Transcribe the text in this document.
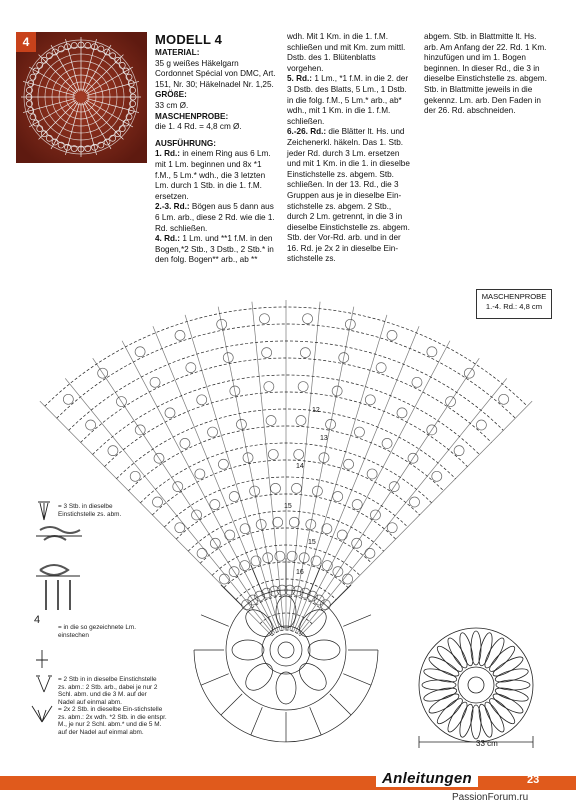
4	MODELL 4
MATERIAL:
35 g weißes Häkelgarn Cordonnet Spécial von DMC, Art. 151, Nr. 30; Häkelnadel Nr. 1,25.
GRÖßE:
33 cm Ø.
MASCHENPROBE:
die 1. 4 Rd. = 4,8 cm Ø.
AUSFÜHRUNG:
1. Rd.: in einem Ring aus 6 Lm. mit 1 Lm. beginnen und 8x *1 f.M., 5 Lm.* wdh., die 3 letzten Lm. durch 1 Stb. in die 1. f.M. ersetzen.
2.-3. Rd.: Bögen aus 5 dann aus 6 Lm. arb., diese 2 Rd. wie die 1. Rd. schließen.
4. Rd.: 1 Lm. und **1 f.M. in den Bogen,*2 Stb., 3 Dstb., 2 Stb.* in den folg. Bogen** arb., ab **
wdh. Mit 1 Km. in die 1. f.M. schließen und mit Km. zum mittl. Dstb. des 1. Blütenblatts vorgehen.
5. Rd.: 1 Lm., *1 f.M. in die 2. der 3 Dstb. des Blatts, 5 Lm., 1 Dstb. in die folg. f.M., 5 Lm.* arb., ab* wdh., mit 1 Km. in die 1. f.M. schließen.
6.-26. Rd.: die Blätter lt. Hs. und Zeichenerkl. häkeln. Das 1. Stb. jeder Rd. durch 3 Lm. ersetzen und mit 1 Km. in die 1. in dieselbe Einstichstelle zs. abgem. Stb. schließen. In der 13. Rd., die 3 Gruppen aus je in dieselbe Ein-stichstelle zs. abgem. 2 Stb., durch 2 Lm. getrennt, in die 3 in dieselbe Einstichstelle zs. abgem. Stb. der Vor-Rd. arb. und in der 16. Rd. je 2x 2 in dieselbe Ein-stichstelle zs.
abgem. Stb. in Blattmitte lt. Hs. arb. Am Anfang der 22. Rd. 1 Km. hinzufügen und im 1. Bogen beginnen. In dieser Rd., die 3 in dieselbe Einstichstelle zs. abgem. Stb. in Blattmitte jeweils in die gekennz. Lm. arb. Den Faden in der 26. Rd. abschneiden.
MASCHENPROBE
1.-4. Rd.: 4,8 cm
12
13
14
15
15
16
= 3 Stb. in dieselbe Einstichstelle zs. abm.
4
= in die so gezeichnete Lm. einstechen
= 2 Stb in in dieselbe Einstichstelle zs. abm.: 2 Stb. arb., dabei je nur 2 Schl. abm. und die 3 M. auf der Nadel auf einmal abm.
= 2x 2 Stb. in dieselbe Ein-stichstelle zs. abm.: 2x wdh. *2 Stb. in die entspr. M., je nur 2 Schl. abm.* und die 5 M. auf der Nadel auf einmal abm.
33 cm
Anleitungen	23
PassionForum.ru
